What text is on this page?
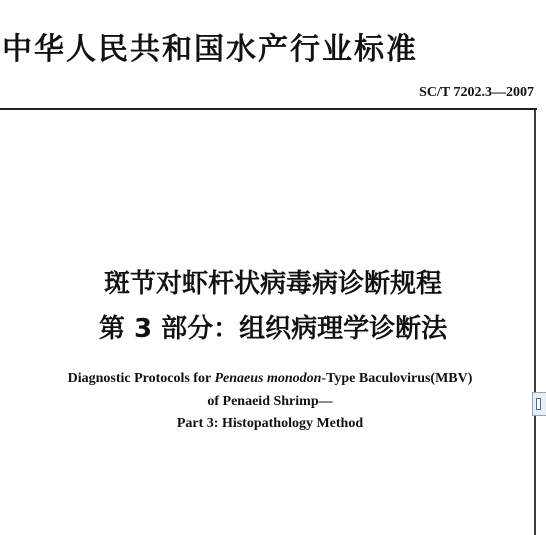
中华人民共和国水产行业标准
SC/T 7202.3—2007
斑节对虾杆状病毒病诊断规程
第 3 部分：组织病理学诊断法
Diagnostic Protocols for Penaeus monodon-Type Baculovirus(MBV)
of Penaeid Shrimp—
Part 3: Histopathology Method
